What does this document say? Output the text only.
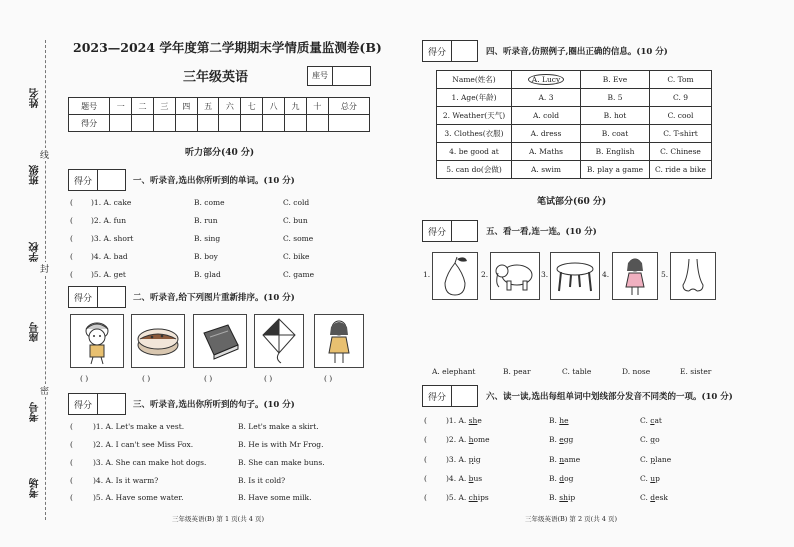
姓名
班级
学校
座号
考号
考场
线
封
密
2023—2024 学年度第二学期期末学情质量监测卷(B)
三年级英语	座号
题号	一	二	三	四	五	六	七	八	九	十	总分
得分											
听力部分(40 分)
得分	一、听录音,选出你所听到的单词。(10 分)
( )1. A. cake	B. come	C. cold
( )2. A. fun	B. run	C. bun
( )3. A. short	B. sing	C. some
( )4. A. bad	B. boy	C. bike
( )5. A. get	B. glad	C. game
得分	二、听录音,给下列图片重新排序。(10 分)
( )	( )	( )	( )	( )
得分	三、听录音,选出你所听到的句子。(10 分)
(	)1. A. Let's make a vest.	B. Let's make a skirt.
(	)2. A. I can't see Miss Fox.	B. He is with Mr Frog.
(	)3. A. She can make hot dogs.	B. She can make buns.
(	)4. A. Is it warm?	B. Is it cold?
(	)5. A. Have some water.	B. Have some milk.
三年级英语(B) 第 1 页(共 4 页)
得分	四、听录音,仿照例子,圈出正确的信息。(10 分)
Name(姓名)	A. Lucy	B. Eve	C. Tom
1. Age(年龄)	A. 3	B. 5	C. 9
2. Weather(天气)	A. cold	B. hot	C. cool
3. Clothes(衣服)	A. dress	B. coat	C. T-shirt
4. be good at	A. Maths	B. English	C. Chinese
5. can do(会做)	A. swim	B. play a game	C. ride a bike
笔试部分(60 分)
得分	五、看一看,连一连。(10 分)
1.	2.	3.	4.	5.
A. elephant	B. pear	C. table	D. nose	E. sister
得分	六、读一读,选出每组单词中划线部分发音不同类的一项。(10 分)
(	)1. A. she	B. he	C. cat
(	)2. A. home	B. egg	C. go
(	)3. A. pig	B. name	C. plane
(	)4. A. bus	B. dog	C. up
(	)5. A. chips	B. ship	C. desk
三年级英语(B) 第 2 页(共 4 页)
